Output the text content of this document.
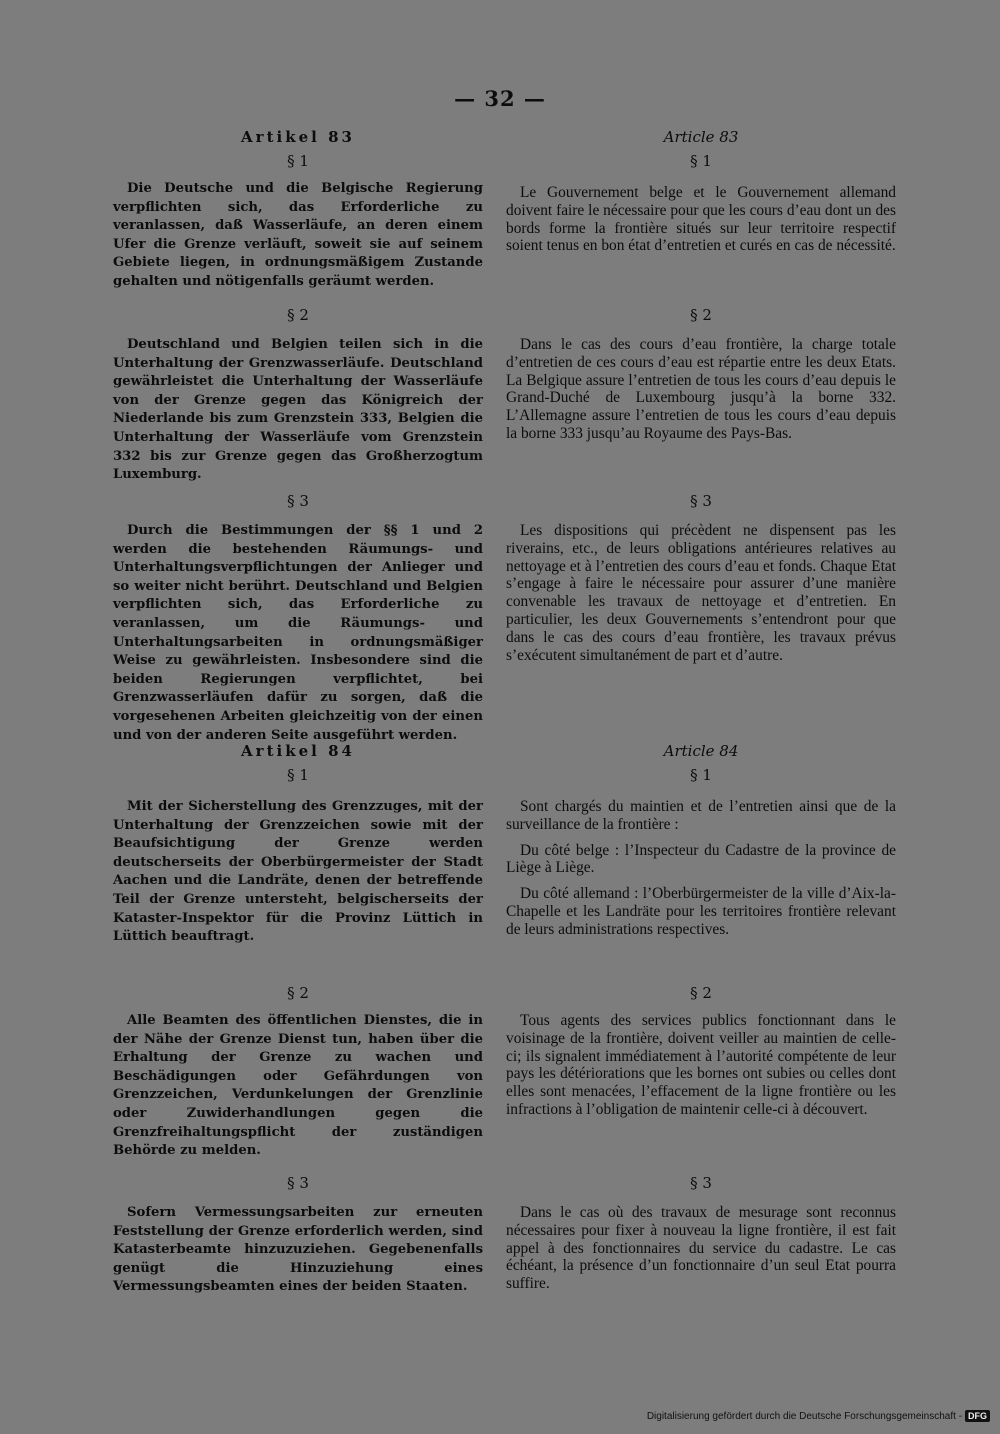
— 32 —

Artikel 83

§ 1

Die Deutsche und die Belgische Regierung verpflichten sich, das Erforderliche zu veranlassen, daß Wasserläufe, an deren einem Ufer die Grenze verläuft, soweit sie auf seinem Gebiete liegen, in ordnungsmäßigem Zustande gehalten und nötigenfalls geräumt werden.

§ 2

Deutschland und Belgien teilen sich in die Unterhaltung der Grenzwasserläufe. Deutschland gewährleistet die Unterhaltung der Wasserläufe von der Grenze gegen das Königreich der Niederlande bis zum Grenzstein 333, Belgien die Unterhaltung der Wasserläufe vom Grenzstein 332 bis zur Grenze gegen das Großherzogtum Luxemburg.

§ 3

Durch die Bestimmungen der §§ 1 und 2 werden die bestehenden Räumungs- und Unterhaltungsverpflichtungen der Anlieger und so weiter nicht berührt. Deutschland und Belgien verpflichten sich, das Erforderliche zu veranlassen, um die Räumungs- und Unterhaltungsarbeiten in ordnungsmäßiger Weise zu gewährleisten. Insbesondere sind die beiden Regierungen verpflichtet, bei Grenzwasserläufen dafür zu sorgen, daß die vorgesehenen Arbeiten gleichzeitig von der einen und von der anderen Seite ausgeführt werden.

Artikel 84

§ 1

Mit der Sicherstellung des Grenzzuges, mit der Unterhaltung der Grenzzeichen sowie mit der Beaufsichtigung der Grenze werden deutscherseits der Oberbürgermeister der Stadt Aachen und die Landräte, denen der betreffende Teil der Grenze untersteht, belgischerseits der Kataster-Inspektor für die Provinz Lüttich in Lüttich beauftragt.

§ 2

Alle Beamten des öffentlichen Dienstes, die in der Nähe der Grenze Dienst tun, haben über die Erhaltung der Grenze zu wachen und Beschädigungen oder Gefährdungen von Grenzzeichen, Verdunkelungen der Grenzlinie oder Zuwiderhandlungen gegen die Grenzfreihaltungspflicht der zuständigen Behörde zu melden.

§ 3

Sofern Vermessungsarbeiten zur erneuten Feststellung der Grenze erforderlich werden, sind Katasterbeamte hinzuzuziehen. Gegebenenfalls genügt die Hinzuziehung eines Vermessungsbeamten eines der beiden Staaten.

Article 83

§ 1

Le Gouvernement belge et le Gouvernement allemand doivent faire le nécessaire pour que les cours d’eau dont un des bords forme la frontière situés sur leur territoire respectif soient tenus en bon état d’entretien et curés en cas de nécessité.

§ 2

Dans le cas des cours d’eau frontière, la charge totale d’entretien de ces cours d’eau est répartie entre les deux Etats. La Belgique assure l’entretien de tous les cours d’eau depuis le Grand-Duché de Luxembourg jusqu’à la borne 332. L’Allemagne assure l’entretien de tous les cours d’eau depuis la borne 333 jusqu’au Royaume des Pays-Bas.

§ 3

Les dispositions qui précèdent ne dispensent pas les riverains, etc., de leurs obligations antérieures relatives au nettoyage et à l’entretien des cours d’eau et fonds. Chaque Etat s’engage à faire le nécessaire pour assurer d’une manière convenable les travaux de nettoyage et d’entretien. En particulier, les deux Gouvernements s’entendront pour que dans le cas des cours d’eau frontière, les travaux prévus s’exécutent simultanément de part et d’autre.

Article 84

§ 1

Sont chargés du maintien et de l’entretien ainsi que de la surveillance de la frontière :

Du côté belge : l’Inspecteur du Cadastre de la province de Liège à Liège.

Du côté allemand : l’Oberbürgermeister de la ville d’Aix-la-Chapelle et les Landräte pour les territoires frontière relevant de leurs administrations respectives.

§ 2

Tous agents des services publics fonctionnant dans le voisinage de la frontière, doivent veiller au maintien de celle-ci; ils signalent immédiatement à l’autorité compétente de leur pays les détériorations que les bornes ont subies ou celles dont elles sont menacées, l’effacement de la ligne frontière ou les infractions à l’obligation de maintenir celle-ci à découvert.

§ 3

Dans le cas où des travaux de mesurage sont reconnus nécessaires pour fixer à nouveau la ligne frontière, il est fait appel à des fonctionnaires du service du cadastre. Le cas échéant, la présence d’un fonctionnaire d’un seul Etat pourra suffire.

Digitalisierung gefördert durch die Deutsche Forschungsgemeinschaft - DFG
